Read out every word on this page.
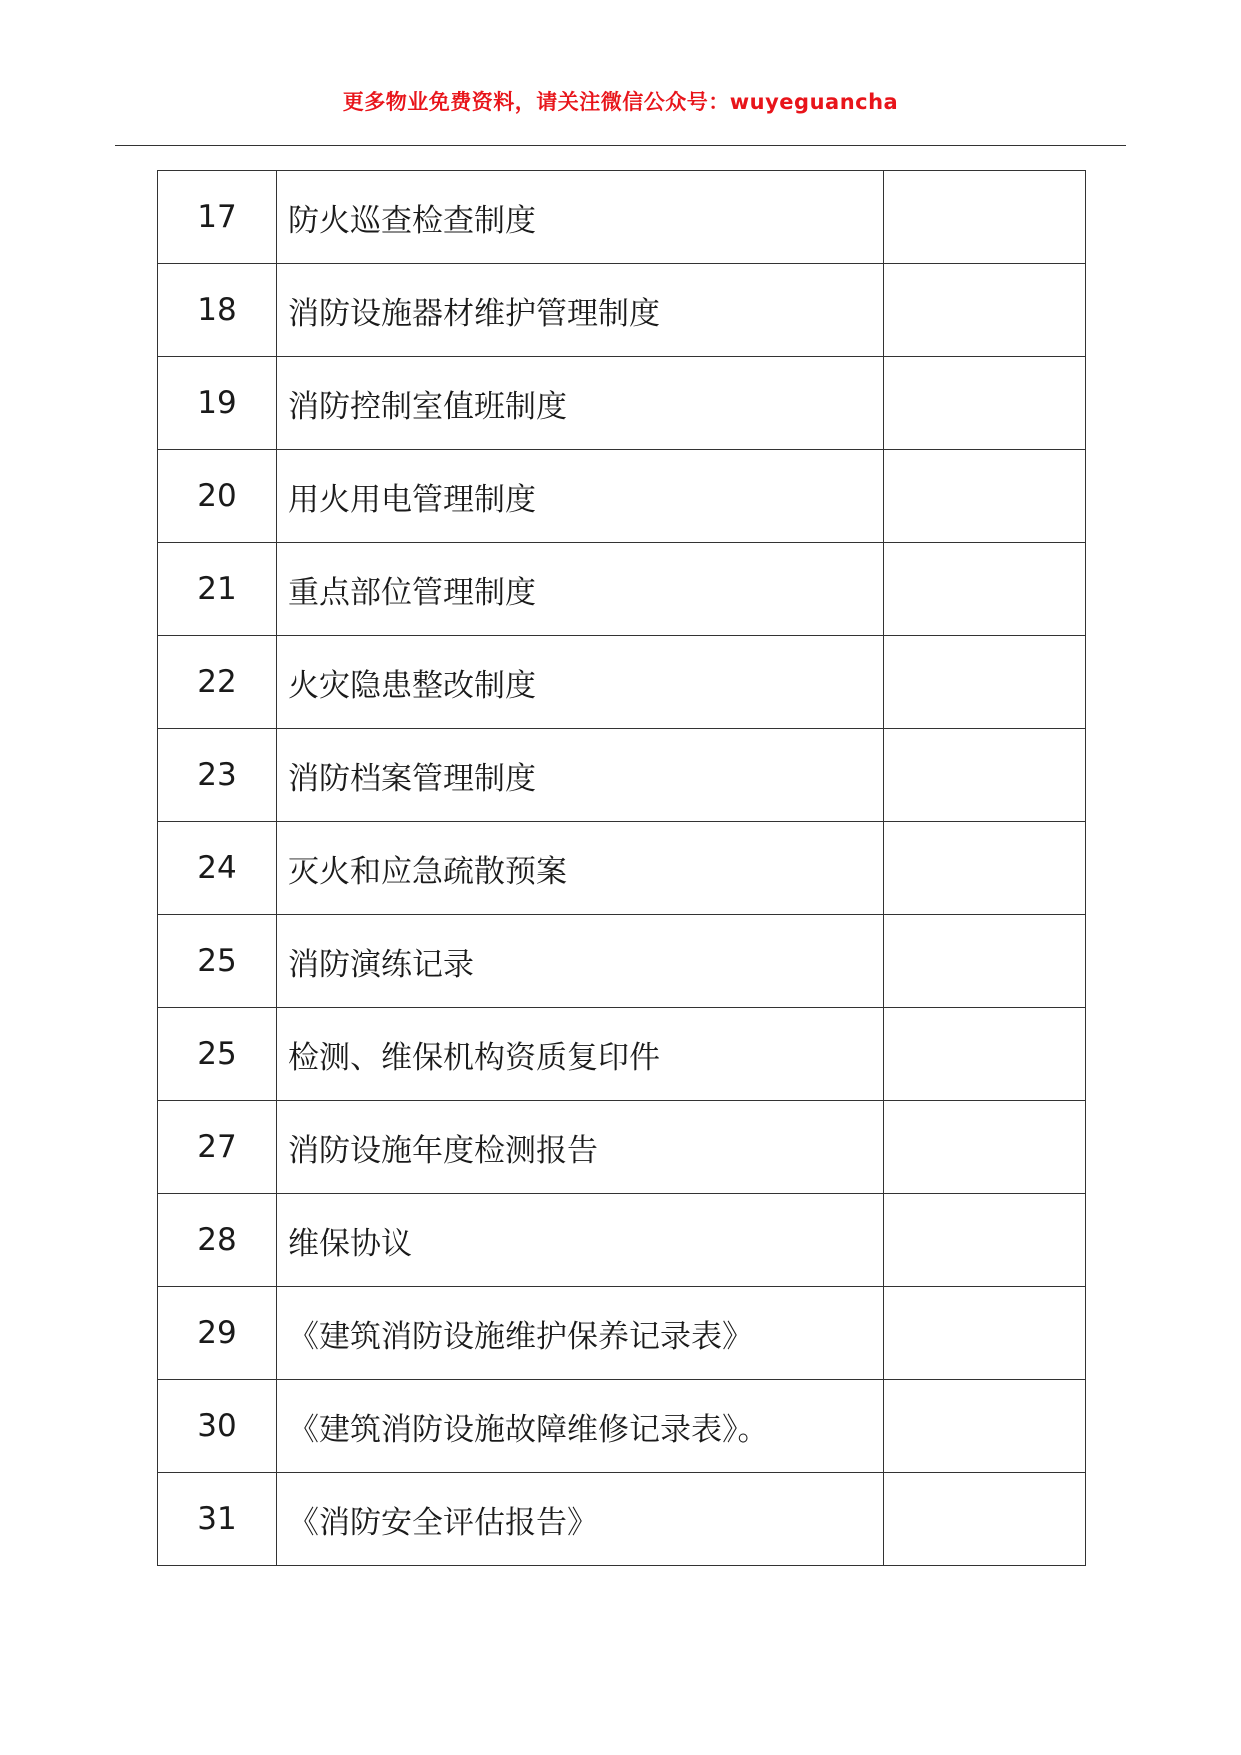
更多物业免费资料，请关注微信公众号：wuyeguancha
17	防火巡查检查制度	
18	消防设施器材维护管理制度	
19	消防控制室值班制度	
20	用火用电管理制度	
21	重点部位管理制度	
22	火灾隐患整改制度	
23	消防档案管理制度	
24	灭火和应急疏散预案	
25	消防演练记录	
25	检测、维保机构资质复印件	
27	消防设施年度检测报告	
28	维保协议	
29	《建筑消防设施维护保养记录表》	
30	《建筑消防设施故障维修记录表》。	
31	《消防安全评估报告》	
